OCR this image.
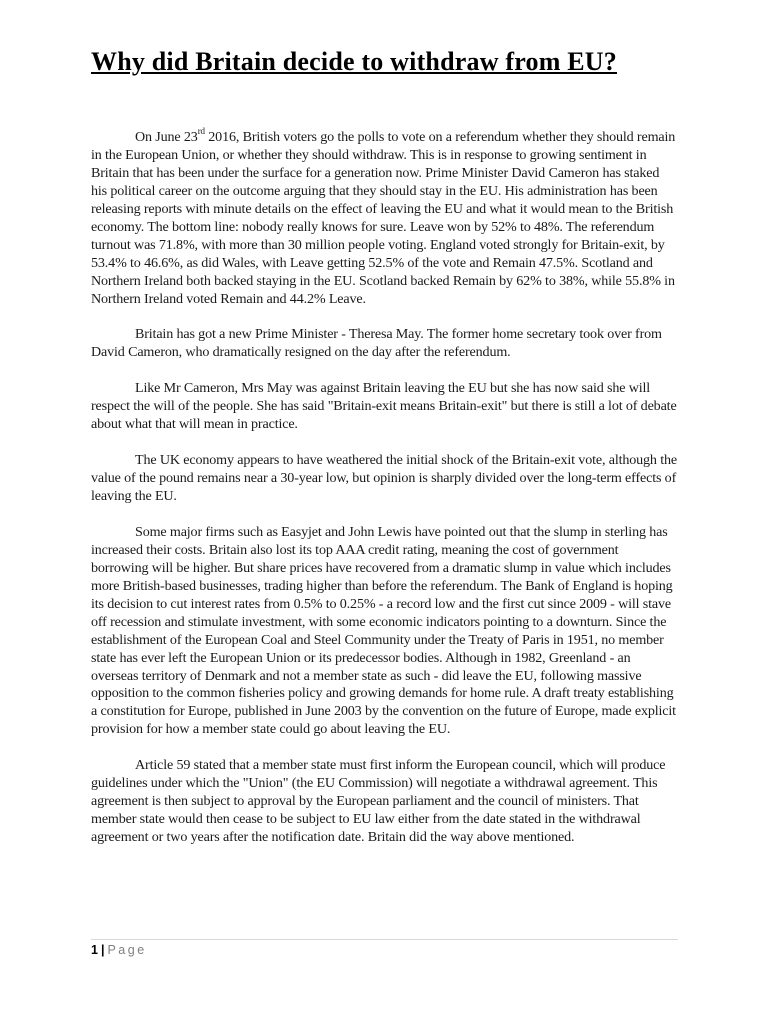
Why did Britain decide to withdraw from EU?

On June 23rd 2016, British voters go the polls to vote on a referendum whether they should remain in the European Union, or whether they should withdraw. This is in response to growing sentiment in Britain that has been under the surface for a generation now. Prime Minister David Cameron has staked his political career on the outcome arguing that they should stay in the EU. His administration has been releasing reports with minute details on the effect of leaving the EU and what it would mean to the British economy. The bottom line: nobody really knows for sure. Leave won by 52% to 48%. The referendum turnout was 71.8%, with more than 30 million people voting. England voted strongly for Britain-exit, by 53.4% to 46.6%, as did Wales, with Leave getting 52.5% of the vote and Remain 47.5%. Scotland and Northern Ireland both backed staying in the EU. Scotland backed Remain by 62% to 38%, while 55.8% in Northern Ireland voted Remain and 44.2% Leave.

Britain has got a new Prime Minister - Theresa May. The former home secretary took over from David Cameron, who dramatically resigned on the day after the referendum.

Like Mr Cameron, Mrs May was against Britain leaving the EU but she has now said she will respect the will of the people. She has said "Britain-exit means Britain-exit" but there is still a lot of debate about what that will mean in practice.

The UK economy appears to have weathered the initial shock of the Britain-exit vote, although the value of the pound remains near a 30-year low, but opinion is sharply divided over the long-term effects of leaving the EU.

Some major firms such as Easyjet and John Lewis have pointed out that the slump in sterling has increased their costs. Britain also lost its top AAA credit rating, meaning the cost of government borrowing will be higher. But share prices have recovered from a dramatic slump in value which includes more British-based businesses, trading higher than before the referendum. The Bank of England is hoping its decision to cut interest rates from 0.5% to 0.25% - a record low and the first cut since 2009 - will stave off recession and stimulate investment, with some economic indicators pointing to a downturn. Since the establishment of the European Coal and Steel Community under the Treaty of Paris in 1951, no member state has ever left the European Union or its predecessor bodies. Although in 1982, Greenland - an overseas territory of Denmark and not a member state as such - did leave the EU, following massive opposition to the common fisheries policy and growing demands for home rule. A draft treaty establishing a constitution for Europe, published in June 2003 by the convention on the future of Europe, made explicit provision for how a member state could go about leaving the EU.

Article 59 stated that a member state must first inform the European council, which will produce guidelines under which the "Union" (the EU Commission) will negotiate a withdrawal agreement. This agreement is then subject to approval by the European parliament and the council of ministers. That member state would then cease to be subject to EU law either from the date stated in the withdrawal agreement or two years after the notification date. Britain did the way above mentioned.

1 | Page
